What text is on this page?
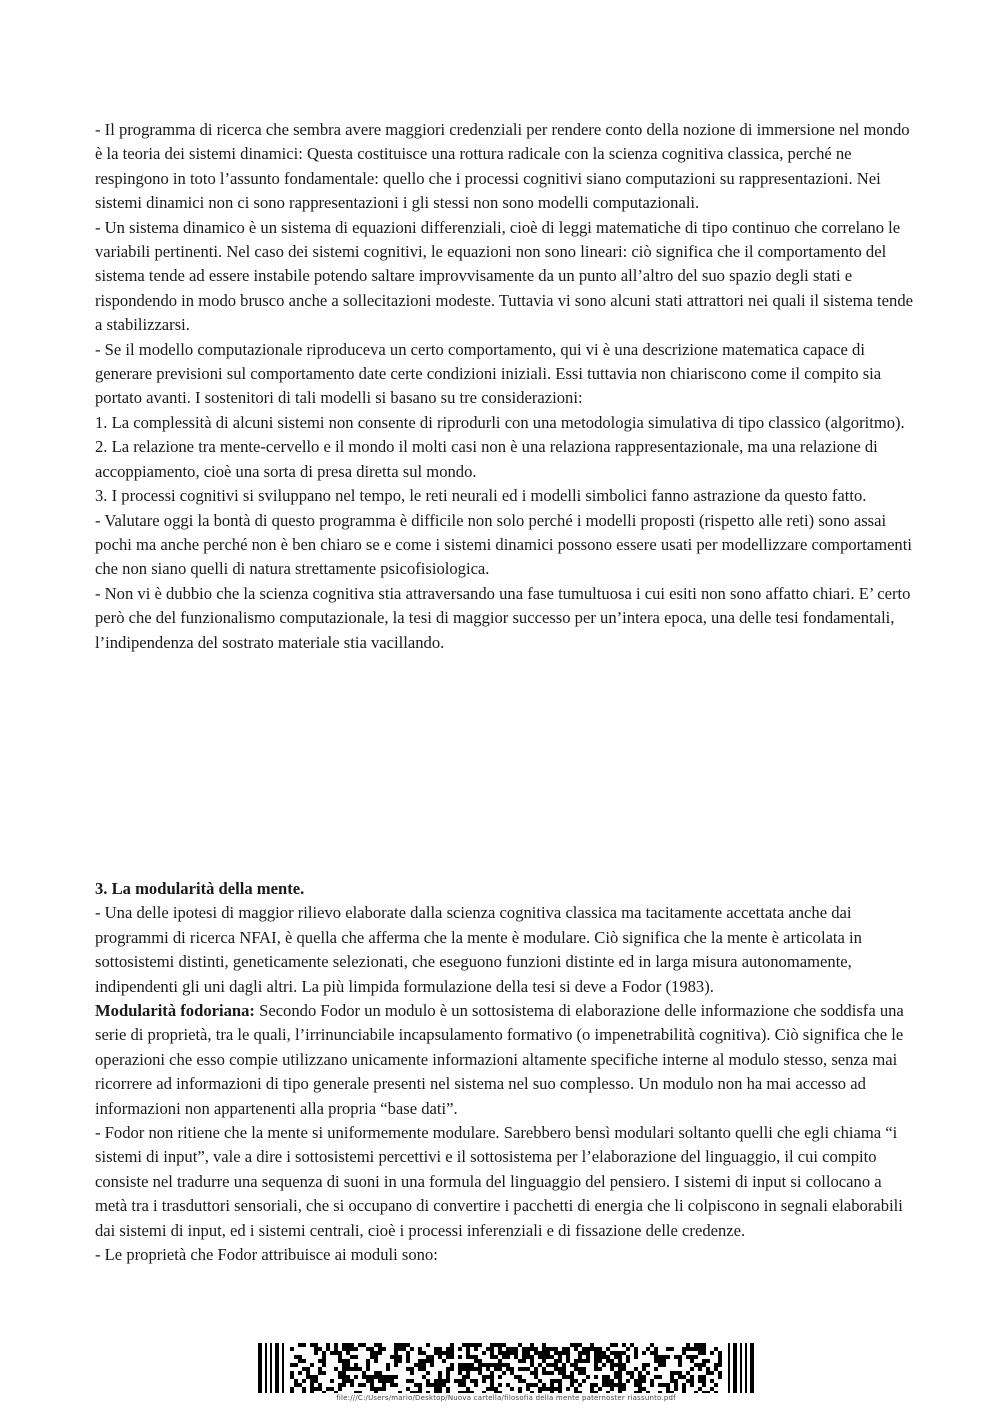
- Il programma di ricerca che sembra avere maggiori credenziali per rendere conto della nozione di immersione nel mondo è la teoria dei sistemi dinamici: Questa costituisce una rottura radicale con la scienza cognitiva classica, perché ne respingono in toto l’assunto fondamentale: quello che i processi cognitivi siano computazioni su rappresentazioni. Nei sistemi dinamici non ci sono rappresentazioni i gli stessi non sono modelli computazionali.

- Un sistema dinamico è un sistema di equazioni differenziali, cioè di leggi matematiche di tipo continuo che correlano le variabili pertinenti. Nel caso dei sistemi cognitivi, le equazioni non sono lineari: ciò significa che il comportamento del sistema tende ad essere instabile potendo saltare improvvisamente da un punto all’altro del suo spazio degli stati e rispondendo in modo brusco anche a sollecitazioni modeste. Tuttavia vi sono alcuni stati attrattori nei quali il sistema tende a stabilizzarsi.

- Se il modello computazionale riproduceva un certo comportamento, qui vi è una descrizione matematica capace di generare previsioni sul comportamento date certe condizioni iniziali. Essi tuttavia non chiariscono come il compito sia portato avanti. I sostenitori di tali modelli si basano su tre considerazioni:

1. La complessità di alcuni sistemi non consente di riprodurli con una metodologia simulativa di tipo classico (algoritmo).

2. La relazione tra mente-cervello e il mondo il molti casi non è una relaziona rappresentazionale, ma una relazione di accoppiamento, cioè una sorta di presa diretta sul mondo.

3. I processi cognitivi si sviluppano nel tempo, le reti neurali ed i modelli simbolici fanno astrazione da questo fatto.

- Valutare oggi la bontà di questo programma è difficile non solo perché i modelli proposti (rispetto alle reti) sono assai pochi ma anche perché non è ben chiaro se e come i sistemi dinamici possono essere usati per modellizzare comportamenti che non siano quelli di natura strettamente psicofisiologica.

- Non vi è dubbio che la scienza cognitiva stia attraversando una fase tumultuosa i cui esiti non sono affatto chiari. E’ certo però che del funzionalismo computazionale, la tesi di maggior successo per un’intera epoca, una delle tesi fondamentali, l’indipendenza del sostrato materiale stia vacillando.

3. La modularità della mente.

- Una delle ipotesi di maggior rilievo elaborate dalla scienza cognitiva classica ma tacitamente accettata anche dai programmi di ricerca NFAI, è quella che afferma che la mente è modulare. Ciò significa che la mente è articolata in sottosistemi distinti, geneticamente selezionati, che eseguono funzioni distinte ed in larga misura autonomamente, indipendenti gli uni dagli altri. La più limpida formulazione della tesi si deve a Fodor (1983).

Modularità fodoriana: Secondo Fodor un modulo è un sottosistema di elaborazione delle informazione che soddisfa una serie di proprietà, tra le quali, l’irrinunciabile incapsulamento formativo (o impenetrabilità cognitiva). Ciò significa che le operazioni che esso compie utilizzano unicamente informazioni altamente specifiche interne al modulo stesso, senza mai ricorrere ad informazioni di tipo generale presenti nel sistema nel suo complesso. Un modulo non ha mai accesso ad informazioni non appartenenti alla propria “base dati”.

- Fodor non ritiene che la mente si uniformemente modulare. Sarebbero bensì modulari soltanto quelli che egli chiama “i sistemi di input”, vale a dire i sottosistemi percettivi e il sottosistema per l’elaborazione del linguaggio, il cui compito consiste nel tradurre una sequenza di suoni in una formula del linguaggio del pensiero. I sistemi di input si collocano a metà tra i trasduttori sensoriali, che si occupano di convertire i pacchetti di energia che li colpiscono in segnali elaborabili dai sistemi di input, ed i sistemi centrali, cioè i processi inferenziali e di fissazione delle credenze.

- Le proprietà che Fodor attribuisce ai moduli sono:

file:///C:/Users/mario/Desktop/Nuova cartella/filosofia della mente paternoster riassunto.pdf
